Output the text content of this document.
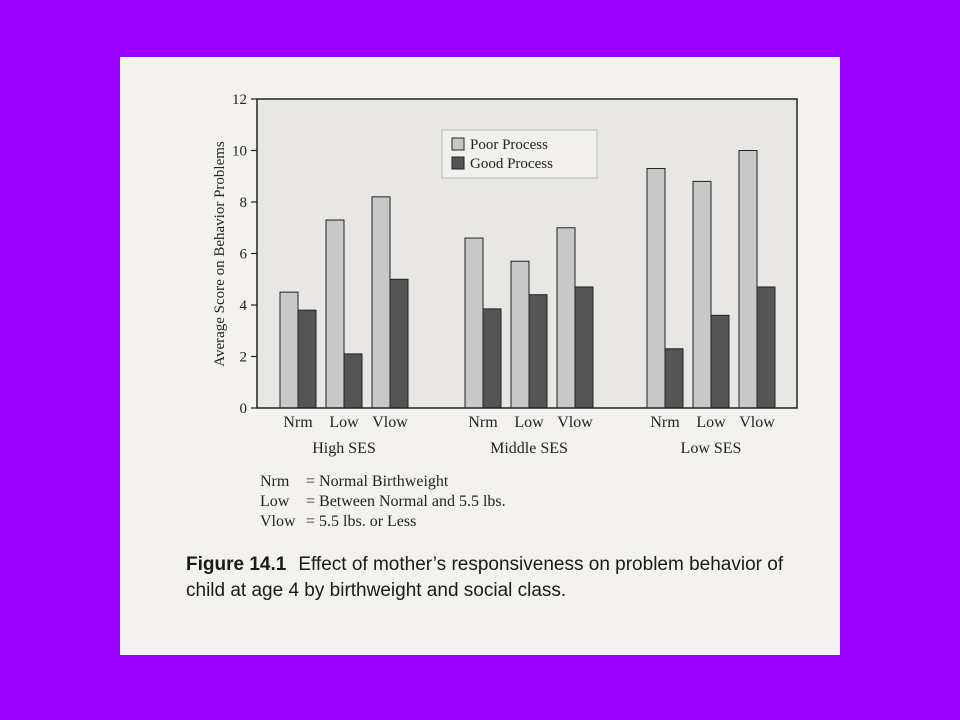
Poor Process
Good Process
Average Score on Behavior Problems
0
2
4
6
8
10
12
Nrm Low Vlow
High SES
Nrm Low Vlow
Middle SES
Nrm Low Vlow
Low SES
Nrm = Normal Birthweight
Low = Between Normal and 5.5 lbs.
Vlow = 5.5 lbs. or Less
Figure 14.1 Effect of mother’s responsiveness on problem behavior of child at age 4 by birthweight and social class.
